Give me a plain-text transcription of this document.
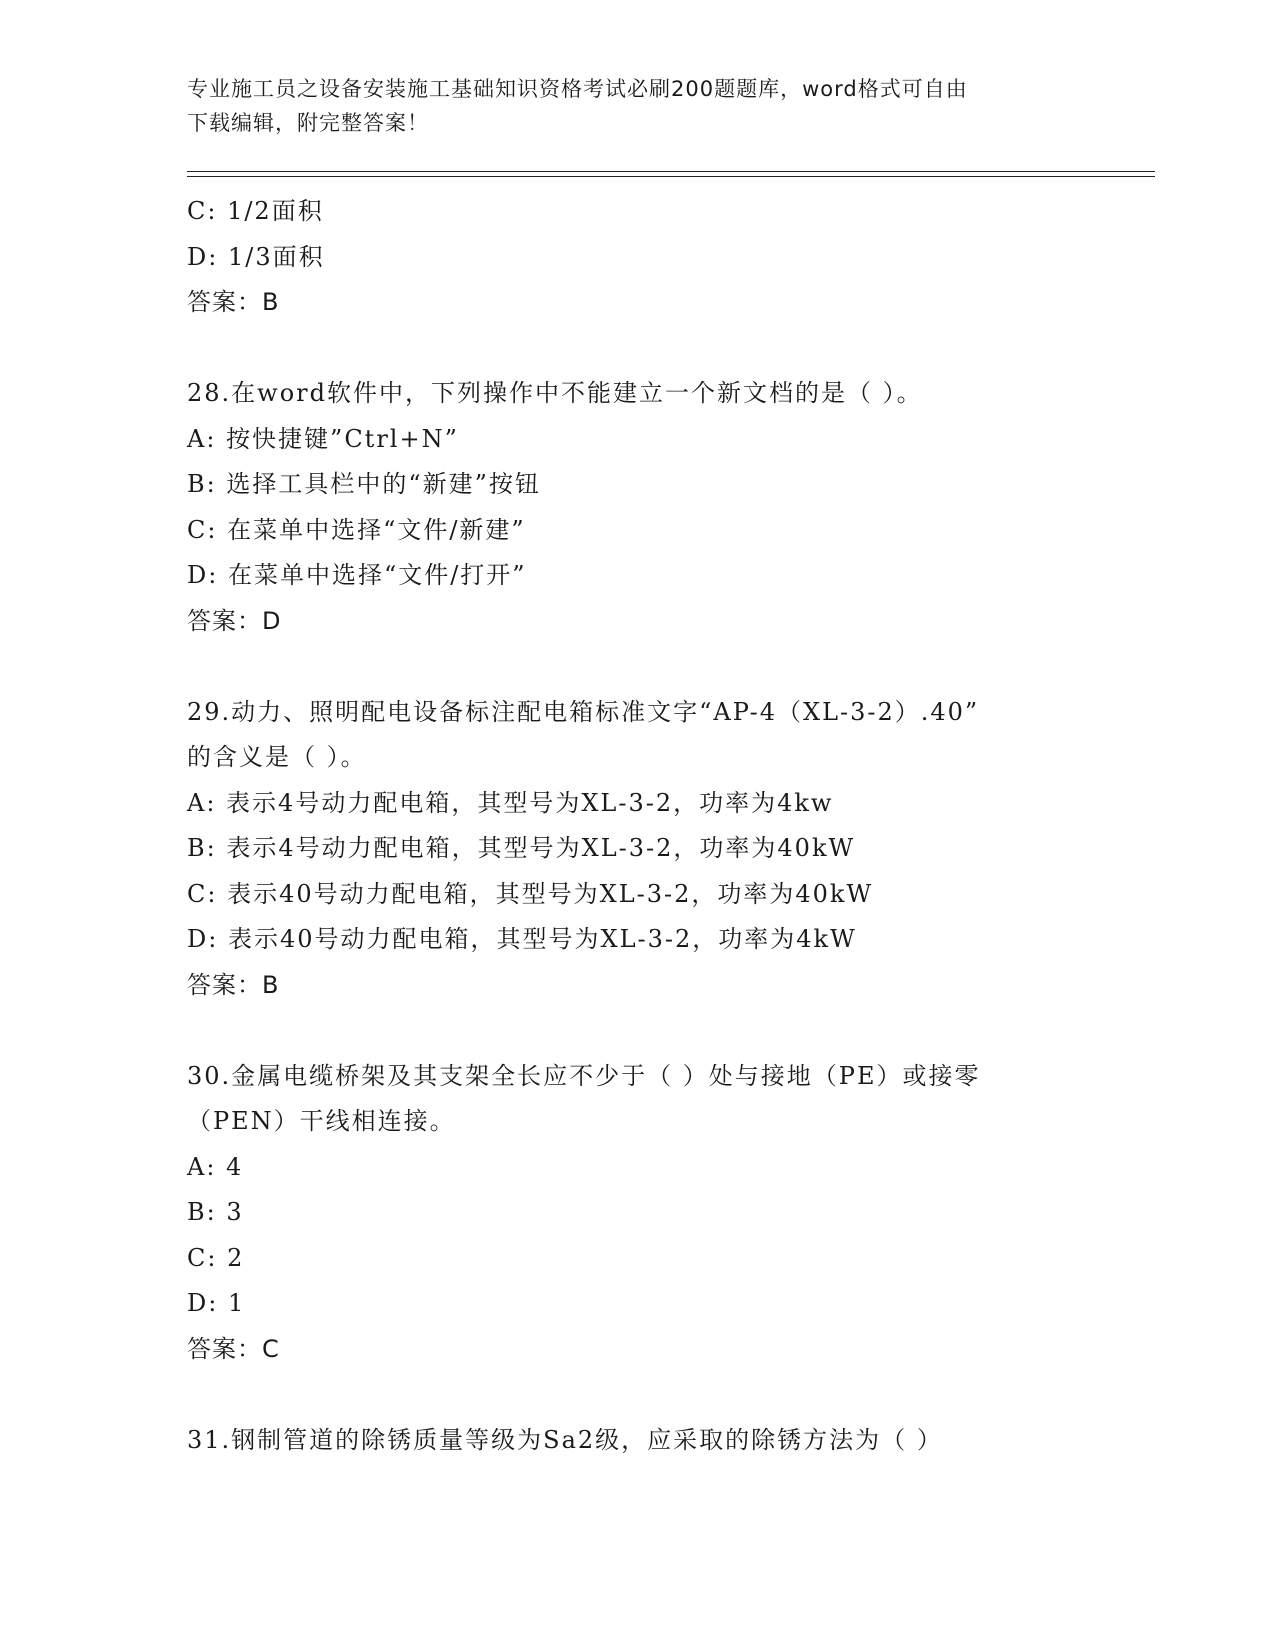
专业施工员之设备安装施工基础知识资格考试必刷200题题库，word格式可自由
下载编辑，附完整答案！
C: 1/2面积
D: 1/3面积
答案：B
28.在word软件中，下列操作中不能建立一个新文档的是（ ）。
A: 按快捷键”Ctrl+N”
B: 选择工具栏中的“新建”按钮
C: 在菜单中选择“文件/新建”
D: 在菜单中选择“文件/打开”
答案：D
29.动力、照明配电设备标注配电箱标准文字“AP-4（XL-3-2）.40”
的含义是（ ）。
A: 表示4号动力配电箱，其型号为XL-3-2，功率为4kw
B: 表示4号动力配电箱，其型号为XL-3-2，功率为40kW
C: 表示40号动力配电箱，其型号为XL-3-2，功率为40kW
D: 表示40号动力配电箱，其型号为XL-3-2，功率为4kW
答案：B
30.金属电缆桥架及其支架全长应不少于（ ）处与接地（PE）或接零
（PEN）干线相连接。
A: 4
B: 3
C: 2
D: 1
答案：C
31.钢制管道的除锈质量等级为Sa2级，应采取的除锈方法为（ ）
